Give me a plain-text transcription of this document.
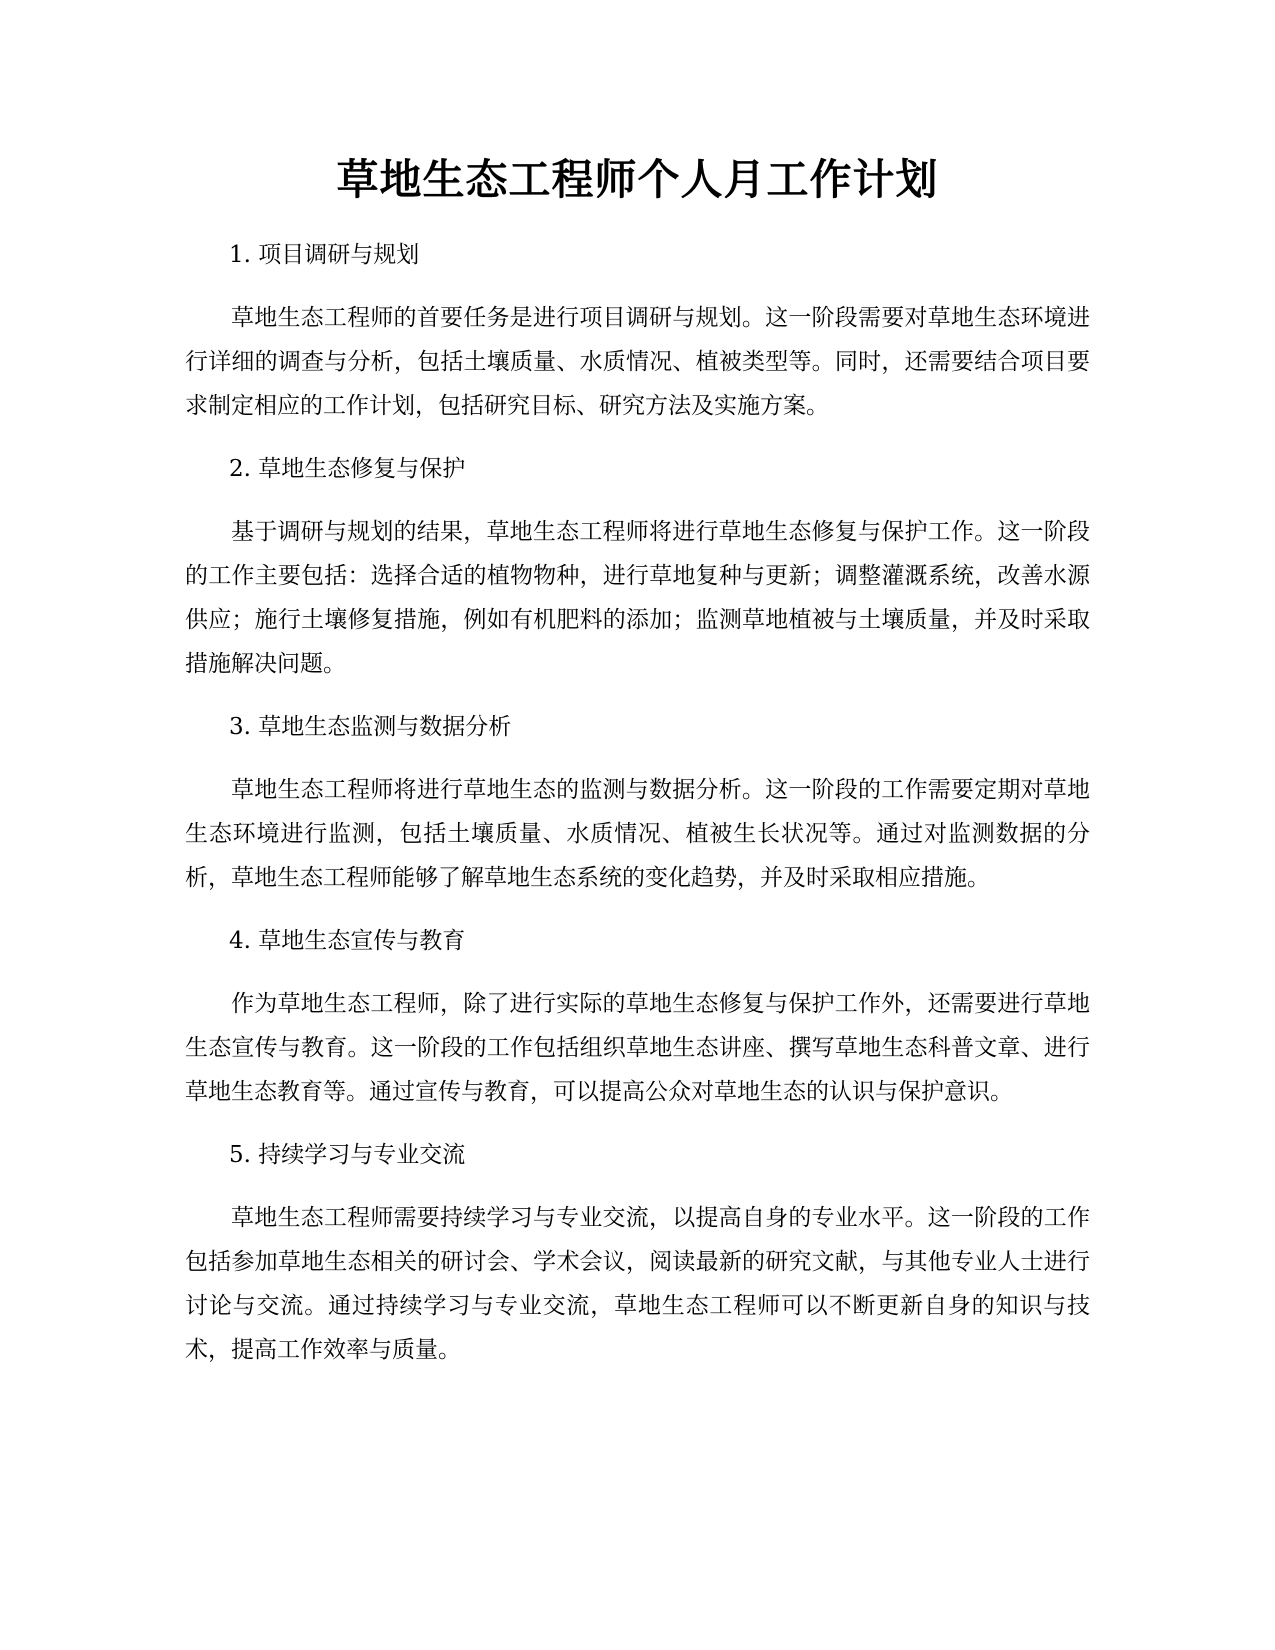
草地生态工程师个人月工作计划

1. 项目调研与规划

草地生态工程师的首要任务是进行项目调研与规划。这一阶段需要对草地生态环境进行详细的调查与分析，包括土壤质量、水质情况、植被类型等。同时，还需要结合项目要求制定相应的工作计划，包括研究目标、研究方法及实施方案。

2. 草地生态修复与保护

基于调研与规划的结果，草地生态工程师将进行草地生态修复与保护工作。这一阶段的工作主要包括：选择合适的植物物种，进行草地复种与更新；调整灌溉系统，改善水源供应；施行土壤修复措施，例如有机肥料的添加；监测草地植被与土壤质量，并及时采取措施解决问题。

3. 草地生态监测与数据分析

草地生态工程师将进行草地生态的监测与数据分析。这一阶段的工作需要定期对草地生态环境进行监测，包括土壤质量、水质情况、植被生长状况等。通过对监测数据的分析，草地生态工程师能够了解草地生态系统的变化趋势，并及时采取相应措施。

4. 草地生态宣传与教育

作为草地生态工程师，除了进行实际的草地生态修复与保护工作外，还需要进行草地生态宣传与教育。这一阶段的工作包括组织草地生态讲座、撰写草地生态科普文章、进行草地生态教育等。通过宣传与教育，可以提高公众对草地生态的认识与保护意识。

5. 持续学习与专业交流

草地生态工程师需要持续学习与专业交流，以提高自身的专业水平。这一阶段的工作包括参加草地生态相关的研讨会、学术会议，阅读最新的研究文献，与其他专业人士进行讨论与交流。通过持续学习与专业交流，草地生态工程师可以不断更新自身的知识与技术，提高工作效率与质量。
